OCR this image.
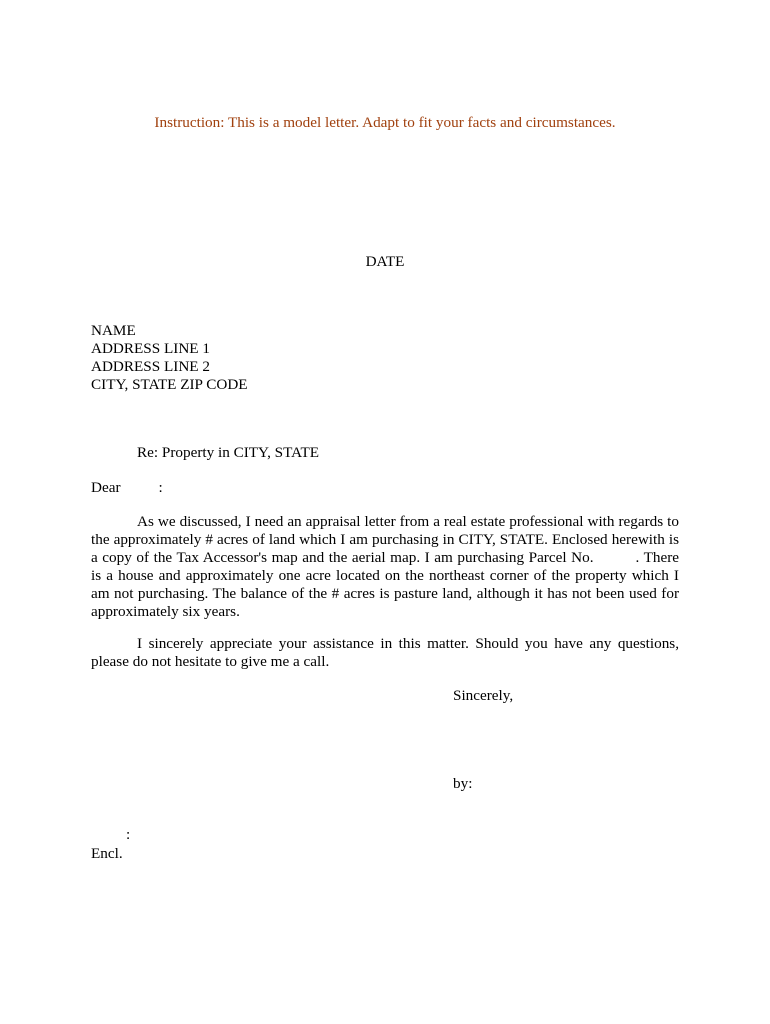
Instruction: This is a model letter. Adapt to fit your facts and circumstances.
DATE
NAME
ADDRESS LINE 1
ADDRESS LINE 2
CITY, STATE ZIP CODE
Re: Property in CITY, STATE
Dear	:

As we discussed, I need an appraisal letter from a real estate professional with regards to the approximately # acres of land which I am purchasing in CITY, STATE. Enclosed herewith is a copy of the Tax Accessor's map and the aerial map. I am purchasing Parcel No.	. There is a house and approximately one acre located on the northeast corner of the property which I am not purchasing. The balance of the # acres is pasture land, although it has not been used for approximately six years.

I sincerely appreciate your assistance in this matter. Should you have any questions, please do not hesitate to give me a call.

Sincerely,
by:
:
Encl.
